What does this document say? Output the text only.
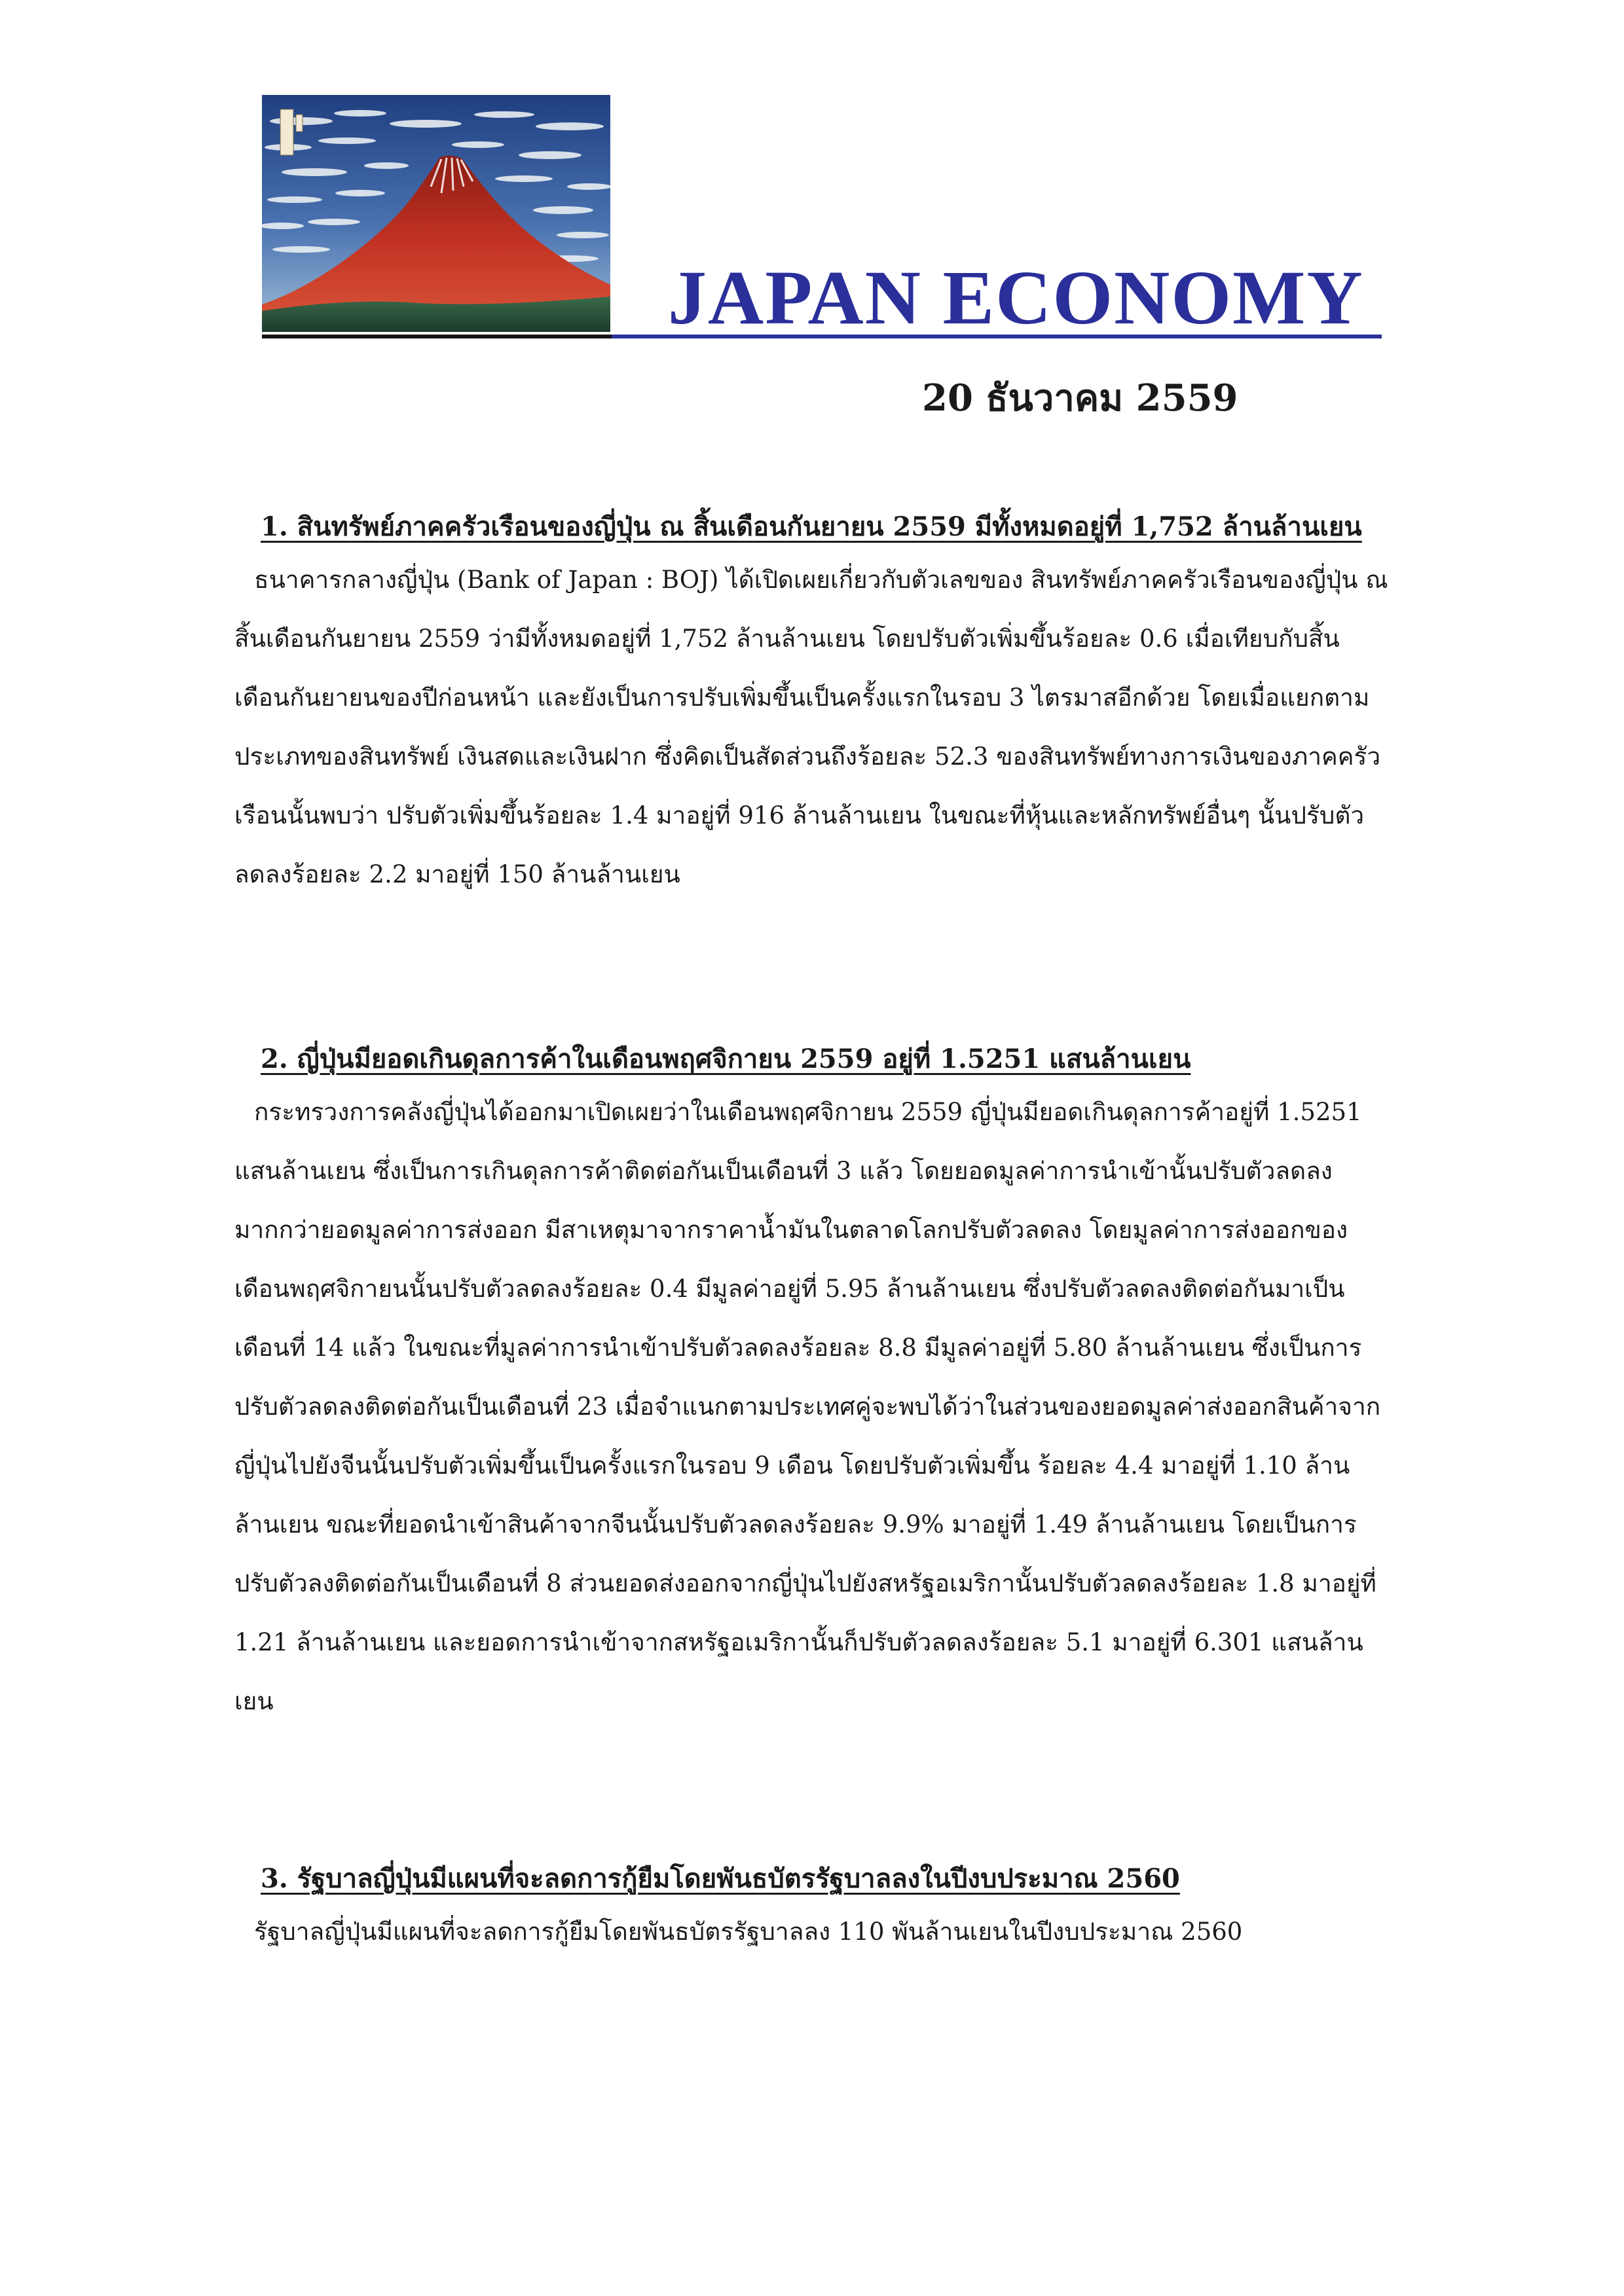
JAPAN ECONOMY
20 ธันวาคม 2559
1. สินทรัพย์ภาคครัวเรือนของญี่ปุ่น ณ สิ้นเดือนกันยายน 2559 มีทั้งหมดอยู่ที่ 1,752 ล้านล้านเยน

ธนาคารกลางญี่ปุ่น (Bank of Japan : BOJ) ได้เปิดเผยเกี่ยวกับตัวเลขของ สินทรัพย์ภาคครัวเรือนของญี่ปุ่น ณ สิ้นเดือนกันยายน 2559 ว่ามีทั้งหมดอยู่ที่ 1,752 ล้านล้านเยน โดยปรับตัวเพิ่มขึ้นร้อยละ 0.6 เมื่อเทียบกับสิ้นเดือนกันยายนของปีก่อนหน้า และยังเป็นการปรับเพิ่มขึ้นเป็นครั้งแรกในรอบ 3 ไตรมาสอีกด้วย โดยเมื่อแยกตามประเภทของสินทรัพย์ เงินสดและเงินฝาก ซึ่งคิดเป็นสัดส่วนถึงร้อยละ 52.3 ของสินทรัพย์ทางการเงินของภาคครัวเรือนนั้นพบว่า ปรับตัวเพิ่มขึ้นร้อยละ 1.4 มาอยู่ที่ 916 ล้านล้านเยน ในขณะที่หุ้นและหลักทรัพย์อื่นๆ นั้นปรับตัวลดลงร้อยละ 2.2 มาอยู่ที่ 150 ล้านล้านเยน

2. ญี่ปุ่นมียอดเกินดุลการค้าในเดือนพฤศจิกายน 2559 อยู่ที่ 1.5251 แสนล้านเยน

กระทรวงการคลังญี่ปุ่นได้ออกมาเปิดเผยว่าในเดือนพฤศจิกายน 2559 ญี่ปุ่นมียอดเกินดุลการค้าอยู่ที่ 1.5251 แสนล้านเยน ซึ่งเป็นการเกินดุลการค้าติดต่อกันเป็นเดือนที่ 3 แล้ว โดยยอดมูลค่าการนำเข้านั้นปรับตัวลดลงมากกว่ายอดมูลค่าการส่งออก มีสาเหตุมาจากราคาน้ำมันในตลาดโลกปรับตัวลดลง โดยมูลค่าการส่งออกของเดือนพฤศจิกายนนั้นปรับตัวลดลงร้อยละ 0.4 มีมูลค่าอยู่ที่ 5.95 ล้านล้านเยน ซึ่งปรับตัวลดลงติดต่อกันมาเป็นเดือนที่ 14 แล้ว ในขณะที่มูลค่าการนำเข้าปรับตัวลดลงร้อยละ 8.8 มีมูลค่าอยู่ที่ 5.80 ล้านล้านเยน ซึ่งเป็นการปรับตัวลดลงติดต่อกันเป็นเดือนที่ 23 เมื่อจำแนกตามประเทศคู่จะพบได้ว่าในส่วนของยอดมูลค่าส่งออกสินค้าจากญี่ปุ่นไปยังจีนนั้นปรับตัวเพิ่มขึ้นเป็นครั้งแรกในรอบ 9 เดือน โดยปรับตัวเพิ่มขึ้น ร้อยละ 4.4 มาอยู่ที่ 1.10 ล้านล้านเยน ขณะที่ยอดนำเข้าสินค้าจากจีนนั้นปรับตัวลดลงร้อยละ 9.9% มาอยู่ที่ 1.49 ล้านล้านเยน โดยเป็นการปรับตัวลงติดต่อกันเป็นเดือนที่ 8 ส่วนยอดส่งออกจากญี่ปุ่นไปยังสหรัฐอเมริกานั้นปรับตัวลดลงร้อยละ 1.8 มาอยู่ที่ 1.21 ล้านล้านเยน และยอดการนำเข้าจากสหรัฐอเมริกานั้นก็ปรับตัวลดลงร้อยละ 5.1 มาอยู่ที่ 6.301 แสนล้านเยน

3. รัฐบาลญี่ปุ่นมีแผนที่จะลดการกู้ยืมโดยพันธบัตรรัฐบาลลงในปีงบประมาณ 2560

รัฐบาลญี่ปุ่นมีแผนที่จะลดการกู้ยืมโดยพันธบัตรรัฐบาลลง 110 พันล้านเยนในปีงบประมาณ 2560
